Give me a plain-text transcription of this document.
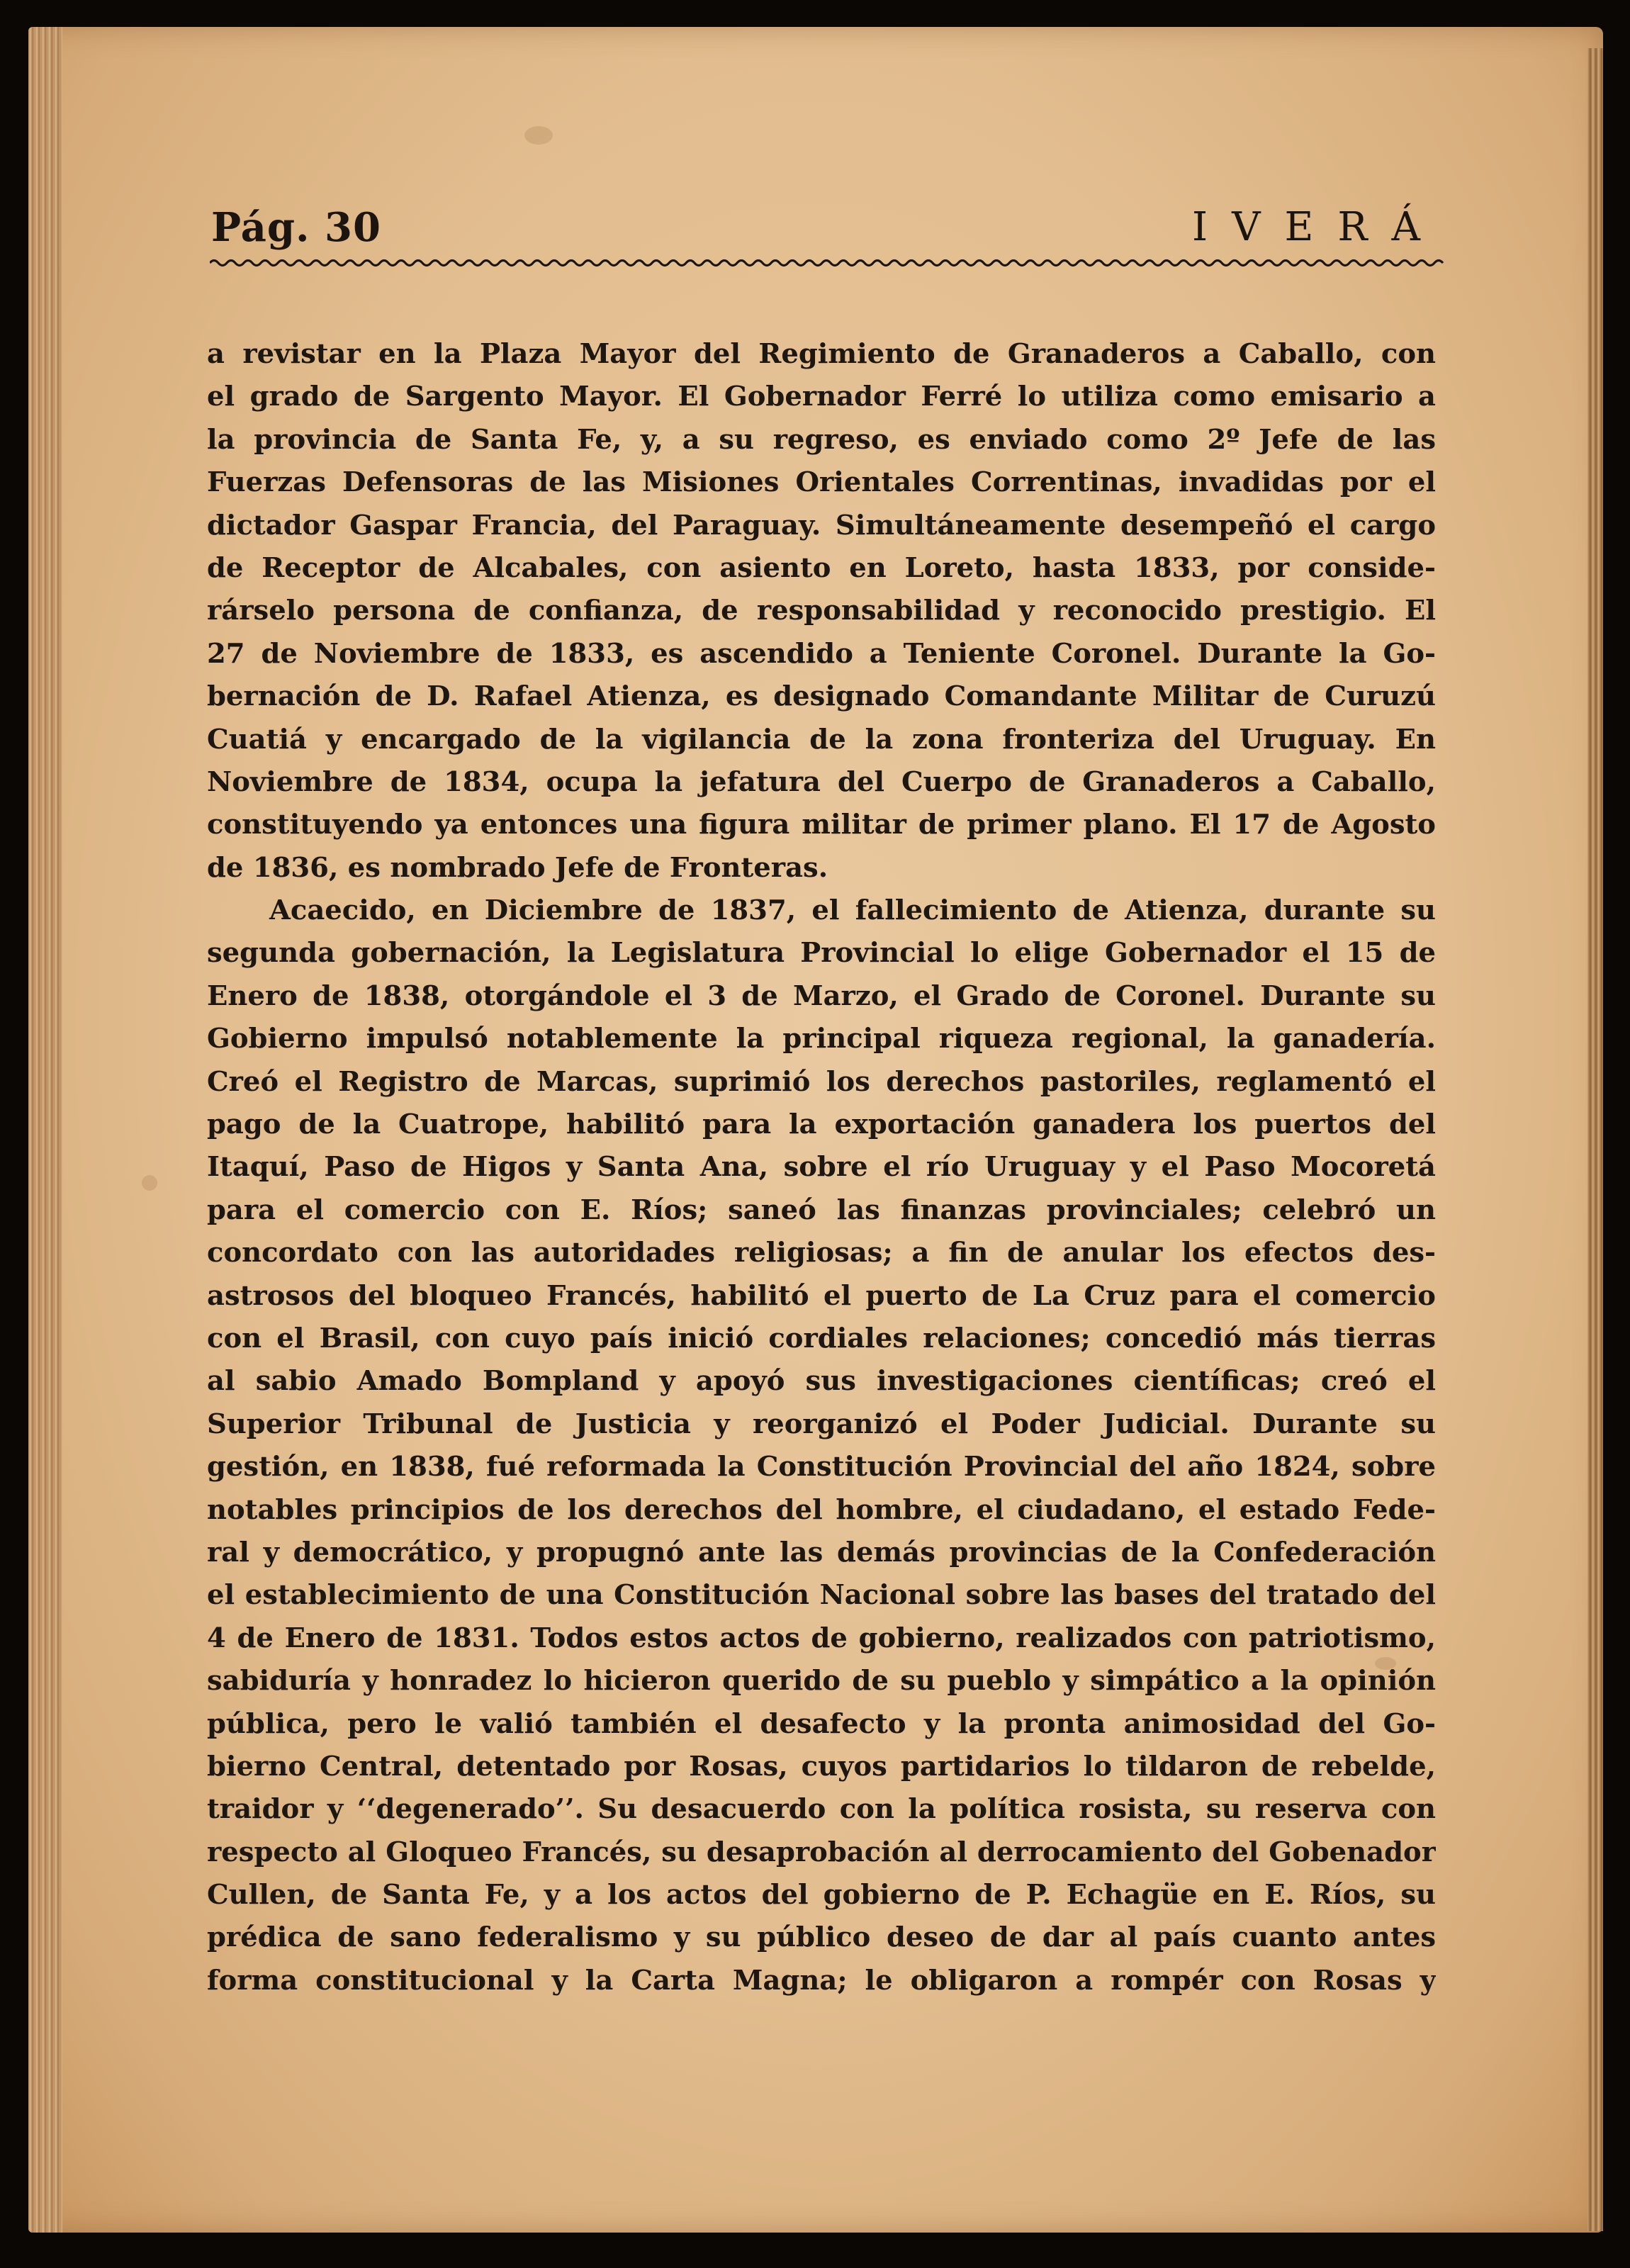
Pág. 30	IVERÁ
a revistar en la Plaza Mayor del Regimiento de Granaderos a Caballo, con
el grado de Sargento Mayor. El Gobernador Ferré lo utiliza como emisario a
la provincia de Santa Fe, y, a su regreso, es enviado como 2º Jefe de las
Fuerzas Defensoras de las Misiones Orientales Correntinas, invadidas por el
dictador Gaspar Francia, del Paraguay. Simultáneamente desempeñó el cargo
de Receptor de Alcabales, con asiento en Loreto, hasta 1833, por conside-
rárselo persona de confianza, de responsabilidad y reconocido prestigio. El
27 de Noviembre de 1833, es ascendido a Teniente Coronel. Durante la Go-
bernación de D. Rafael Atienza, es designado Comandante Militar de Curuzú
Cuatiá y encargado de la vigilancia de la zona fronteriza del Uruguay. En
Noviembre de 1834, ocupa la jefatura del Cuerpo de Granaderos a Caballo,
constituyendo ya entonces una figura militar de primer plano. El 17 de Agosto
de 1836, es nombrado Jefe de Fronteras.
Acaecido, en Diciembre de 1837, el fallecimiento de Atienza, durante su
segunda gobernación, la Legislatura Provincial lo elige Gobernador el 15 de
Enero de 1838, otorgándole el 3 de Marzo, el Grado de Coronel. Durante su
Gobierno impulsó notablemente la principal riqueza regional, la ganadería.
Creó el Registro de Marcas, suprimió los derechos pastoriles, reglamentó el
pago de la Cuatrope, habilitó para la exportación ganadera los puertos del
Itaquí, Paso de Higos y Santa Ana, sobre el río Uruguay y el Paso Mocoretá
para el comercio con E. Ríos; saneó las finanzas provinciales; celebró un
concordato con las autoridades religiosas; a fin de anular los efectos des-
astrosos del bloqueo Francés, habilitó el puerto de La Cruz para el comercio
con el Brasil, con cuyo país inició cordiales relaciones; concedió más tierras
al sabio Amado Bompland y apoyó sus investigaciones científicas; creó el
Superior Tribunal de Justicia y reorganizó el Poder Judicial. Durante su
gestión, en 1838, fué reformada la Constitución Provincial del año 1824, sobre
notables principios de los derechos del hombre, el ciudadano, el estado Fede-
ral y democrático, y propugnó ante las demás provincias de la Confederación
el establecimiento de una Constitución Nacional sobre las bases del tratado del
4 de Enero de 1831. Todos estos actos de gobierno, realizados con patriotismo,
sabiduría y honradez lo hicieron querido de su pueblo y simpático a la opinión
pública, pero le valió también el desafecto y la pronta animosidad del Go-
bierno Central, detentado por Rosas, cuyos partidarios lo tildaron de rebelde,
traidor y ‘‘degenerado’’. Su desacuerdo con la política rosista, su reserva con
respecto al Gloqueo Francés, su desaprobación al derrocamiento del Gobenador
Cullen, de Santa Fe, y a los actos del gobierno de P. Echagüe en E. Ríos, su
prédica de sano federalismo y su público deseo de dar al país cuanto antes
forma constitucional y la Carta Magna; le obligaron a rompér con Rosas y
